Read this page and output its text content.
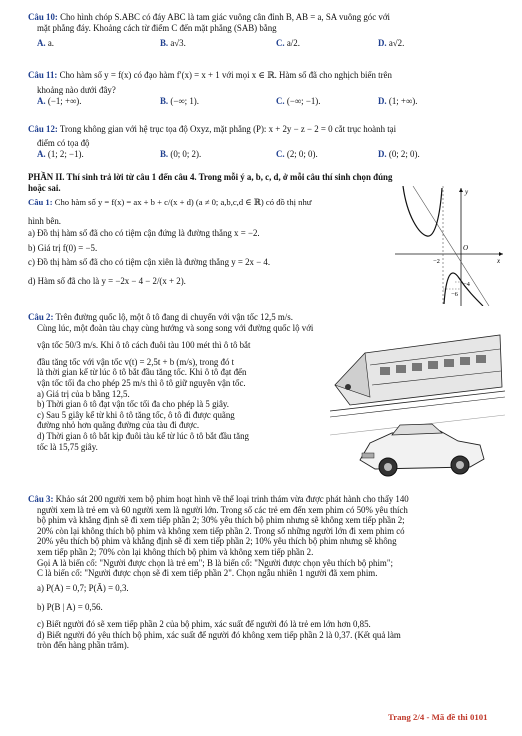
Câu 10: Cho hình chóp S.ABC có đáy ABC là tam giác vuông cân đỉnh B, AB = a, SA vuông góc với
mặt phẳng đáy. Khoảng cách từ điểm C đến mặt phẳng (SAB) bằng
A. a.	B. a√3.	C. a/2.	D. a√2.
Câu 11: Cho hàm số y = f(x) có đạo hàm f′(x) = x + 1 với mọi x ∈ ℝ. Hàm số đã cho nghịch biến trên
khoảng nào dưới đây?
A. (−1; +∞).	B. (−∞; 1).	C. (−∞; −1).	D. (1; +∞).
Câu 12: Trong không gian với hệ trục tọa độ Oxyz, mặt phẳng (P): x + 2y − z − 2 = 0 cắt trục hoành tại
điểm có tọa độ
A. (1; 2; −1).	B. (0; 0; 2).	C. (2; 0; 0).	D. (0; 2; 0).
PHẦN II. Thí sinh trả lời từ câu 1 đến câu 4. Trong mỗi ý a, b, c, d, ở mỗi câu thí sinh chọn đúng
hoặc sai.
Câu 1: Cho hàm số y = f(x) = ax + b + c/(x + d) (a ≠ 0; a,b,c,d ∈ ℝ) có đồ thị như
hình bên.
a) Đồ thị hàm số đã cho có tiệm cận đứng là đường thẳng x = −2.
b) Giá trị f(0) = −5.
c) Đồ thị hàm số đã cho có tiệm cận xiên là đường thẳng y = 2x − 4.
d) Hàm số đã cho là y = −2x − 4 − 2/(x + 2).
y
x
O
−2
−4
−6
Câu 2: Trên đường quốc lộ, một ô tô đang di chuyển với vận tốc 12,5 m/s.
Cùng lúc, một đoàn tàu chạy cùng hướng và song song với đường quốc lộ với
vận tốc 50/3 m/s. Khi ô tô cách đuôi tàu 100 mét thì ô tô bắt
đầu tăng tốc với vận tốc v(t) = 2,5t + b (m/s), trong đó t
là thời gian kể từ lúc ô tô bắt đầu tăng tốc. Khi ô tô đạt đến
vận tốc tối đa cho phép 25 m/s thì ô tô giữ nguyên vận tốc.
a) Giá trị của b bằng 12,5.
b) Thời gian ô tô đạt vận tốc tối đa cho phép là 5 giây.
c) Sau 5 giây kể từ khi ô tô tăng tốc, ô tô đi được quãng
đường nhỏ hơn quãng đường của tàu đi được.
d) Thời gian ô tô bắt kịp đuôi tàu kể từ lúc ô tô bắt đầu tăng
tốc là 15,75 giây.
Câu 3: Khảo sát 200 người xem bộ phim hoạt hình về thể loại trinh thám vừa được phát hành cho thấy 140
người xem là trẻ em và 60 người xem là người lớn. Trong số các trẻ em đến xem phim có 50% yêu thích
bộ phim và khẳng định sẽ đi xem tiếp phần 2; 30% yêu thích bộ phim nhưng sẽ không xem tiếp phần 2;
20% còn lại không thích bộ phim và không xem tiếp phần 2. Trong số những người lớn đi xem phim có
20% yêu thích bộ phim và khẳng định sẽ đi xem tiếp phần 2; 10% yêu thích bộ phim nhưng sẽ không
xem tiếp phần 2; 70% còn lại không thích bộ phim và không xem tiếp phần 2.
Gọi A là biến cố: "Người được chọn là trẻ em"; B là biến cố: "Người được chọn yêu thích bộ phim";
C là biến cố: "Người được chọn sẽ đi xem tiếp phần 2". Chọn ngẫu nhiên 1 người đã xem phim.
a) P(A) = 0,7; P(Ā) = 0,3.
b) P(B | A) = 0,56.
c) Biết người đó sẽ xem tiếp phần 2 của bộ phim, xác suất để người đó là trẻ em lớn hơn 0,85.
d) Biết người đó yêu thích bộ phim, xác suất để người đó không xem tiếp phần 2 là 0,37. (Kết quả làm
tròn đến hàng phần trăm).
Trang 2/4 - Mã đề thi 0101
